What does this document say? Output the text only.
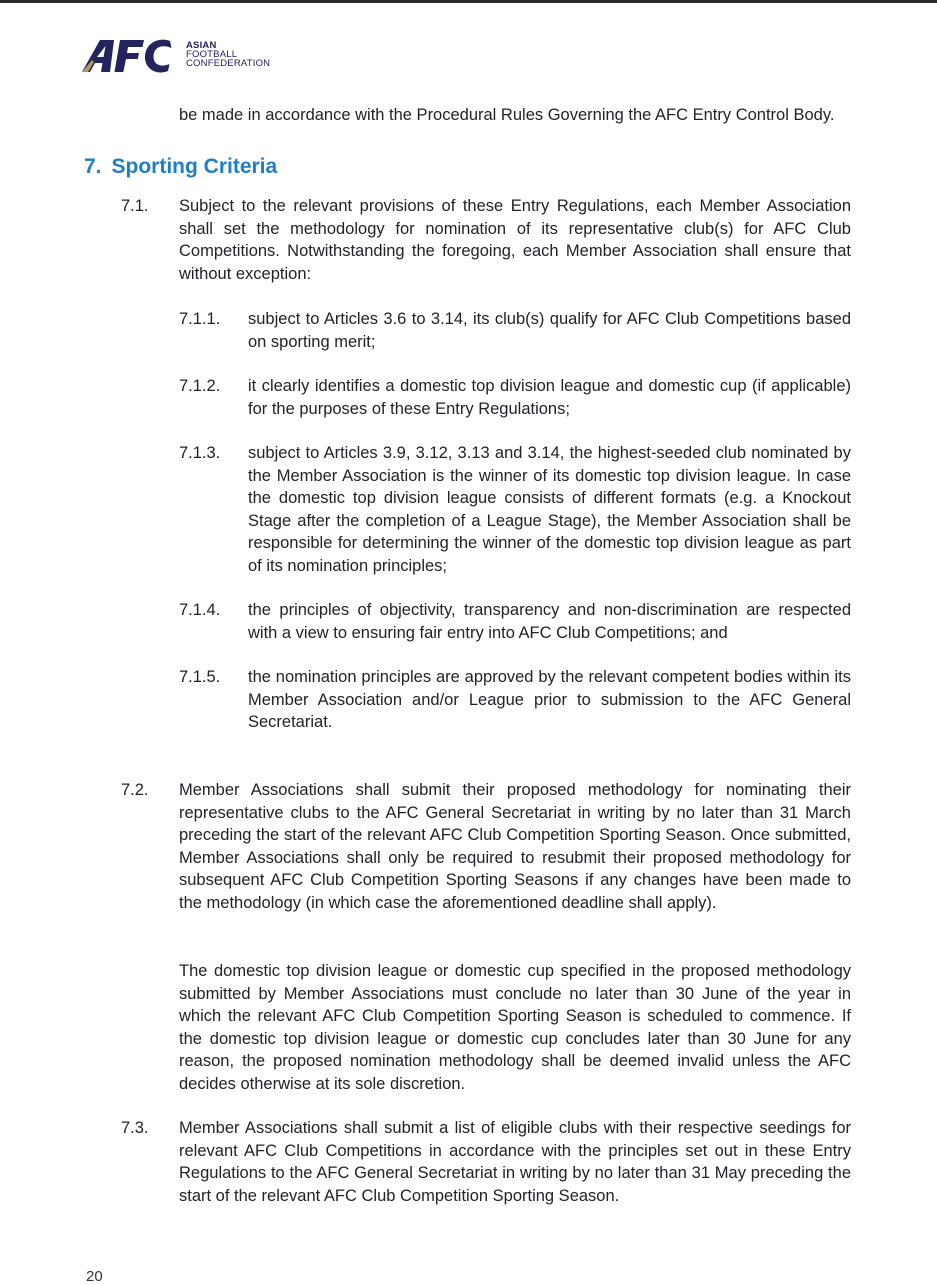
ASIAN
FOOTBALL
CONFEDERATION
be made in accordance with the Procedural Rules Governing the AFC Entry Control Body.
7. Sporting Criteria
7.1. Subject to the relevant provisions of these Entry Regulations, each Member Association shall set the methodology for nomination of its representative club(s) for AFC Club Competitions. Notwithstanding the foregoing, each Member Association shall ensure that without exception:
7.1.1. subject to Articles 3.6 to 3.14, its club(s) qualify for AFC Club Competitions based on sporting merit;
7.1.2. it clearly identifies a domestic top division league and domestic cup (if applicable) for the purposes of these Entry Regulations;
7.1.3. subject to Articles 3.9, 3.12, 3.13 and 3.14, the highest-seeded club nominated by the Member Association is the winner of its domestic top division league. In case the domestic top division league consists of different formats (e.g. a Knockout Stage after the completion of a League Stage), the Member Association shall be responsible for determining the winner of the domestic top division league as part of its nomination principles;
7.1.4. the principles of objectivity, transparency and non-discrimination are respected with a view to ensuring fair entry into AFC Club Competitions; and
7.1.5. the nomination principles are approved by the relevant competent bodies within its Member Association and/or League prior to submission to the AFC General Secretariat.
7.2. Member Associations shall submit their proposed methodology for nominating their representative clubs to the AFC General Secretariat in writing by no later than 31 March preceding the start of the relevant AFC Club Competition Sporting Season. Once submitted, Member Associations shall only be required to resubmit their proposed methodology for subsequent AFC Club Competition Sporting Seasons if any changes have been made to the methodology (in which case the aforementioned deadline shall apply).
The domestic top division league or domestic cup specified in the proposed methodology submitted by Member Associations must conclude no later than 30 June of the year in which the relevant AFC Club Competition Sporting Season is scheduled to commence. If the domestic top division league or domestic cup concludes later than 30 June for any reason, the proposed nomination methodology shall be deemed invalid unless the AFC decides otherwise at its sole discretion.
7.3. Member Associations shall submit a list of eligible clubs with their respective seedings for relevant AFC Club Competitions in accordance with the principles set out in these Entry Regulations to the AFC General Secretariat in writing by no later than 31 May preceding the start of the relevant AFC Club Competition Sporting Season.
20
